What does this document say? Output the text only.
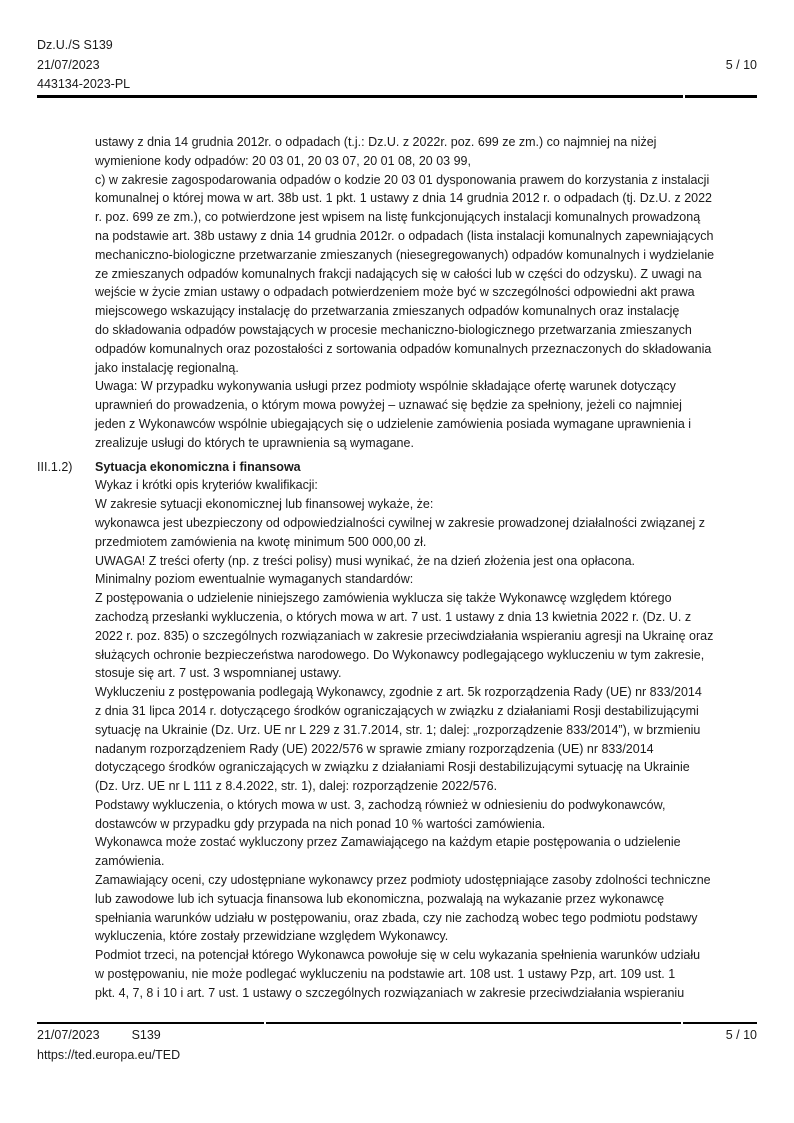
Dz.U./S S139
21/07/2023	5 / 10
443134-2023-PL
ustawy z dnia 14 grudnia 2012r. o odpadach (t.j.: Dz.U. z 2022r. poz. 699 ze zm.) co najmniej na niżej
wymienione kody odpadów: 20 03 01, 20 03 07, 20 01 08, 20 03 99,
c) w zakresie zagospodarowania odpadów o kodzie 20 03 01 dysponowania prawem do korzystania z instalacji
komunalnej o której mowa w art. 38b ust. 1 pkt. 1 ustawy z dnia 14 grudnia 2012 r. o odpadach (tj. Dz.U. z 2022
r. poz. 699 ze zm.), co potwierdzone jest wpisem na listę funkcjonujących instalacji komunalnych prowadzoną
na podstawie art. 38b ustawy z dnia 14 grudnia 2012r. o odpadach (lista instalacji komunalnych zapewniających
mechaniczno-biologiczne przetwarzanie zmieszanych (niesegregowanych) odpadów komunalnych i wydzielanie
ze zmieszanych odpadów komunalnych frakcji nadających się w całości lub w części do odzysku). Z uwagi na
wejście w życie zmian ustawy o odpadach potwierdzeniem może być w szczególności odpowiedni akt prawa
miejscowego wskazujący instalację do przetwarzania zmieszanych odpadów komunalnych oraz instalację
do składowania odpadów powstających w procesie mechaniczno-biologicznego przetwarzania zmieszanych
odpadów komunalnych oraz pozostałości z sortowania odpadów komunalnych przeznaczonych do składowania
jako instalację regionalną.
Uwaga: W przypadku wykonywania usługi przez podmioty wspólnie składające ofertę warunek dotyczący
uprawnień do prowadzenia, o którym mowa powyżej – uznawać się będzie za spełniony, jeżeli co najmniej
jeden z Wykonawców wspólnie ubiegających się o udzielenie zamówienia posiada wymagane uprawnienia i
zrealizuje usługi do których te uprawnienia są wymagane.
III.1.2)	Sytuacja ekonomiczna i finansowa
Wykaz i krótki opis kryteriów kwalifikacji:
W zakresie sytuacji ekonomicznej lub finansowej wykaże, że:
wykonawca jest ubezpieczony od odpowiedzialności cywilnej w zakresie prowadzonej działalności związanej z
przedmiotem zamówienia na kwotę minimum 500 000,00 zł.
UWAGA! Z treści oferty (np. z treści polisy) musi wynikać, że na dzień złożenia jest ona opłacona.
Minimalny poziom ewentualnie wymaganych standardów:
Z postępowania o udzielenie niniejszego zamówienia wyklucza się także Wykonawcę względem którego
zachodzą przesłanki wykluczenia, o których mowa w art. 7 ust. 1 ustawy z dnia 13 kwietnia 2022 r. (Dz. U. z
2022 r. poz. 835) o szczególnych rozwiązaniach w zakresie przeciwdziałania wspieraniu agresji na Ukrainę oraz
służących ochronie bezpieczeństwa narodowego. Do Wykonawcy podlegającego wykluczeniu w tym zakresie,
stosuje się art. 7 ust. 3 wspomnianej ustawy.
Wykluczeniu z postępowania podlegają Wykonawcy, zgodnie z art. 5k rozporządzenia Rady (UE) nr 833/2014
z dnia 31 lipca 2014 r. dotyczącego środków ograniczających w związku z działaniami Rosji destabilizującymi
sytuację na Ukrainie (Dz. Urz. UE nr L 229 z 31.7.2014, str. 1; dalej: „rozporządzenie 833/2014”), w brzmieniu
nadanym rozporządzeniem Rady (UE) 2022/576 w sprawie zmiany rozporządzenia (UE) nr 833/2014
dotyczącego środków ograniczających w związku z działaniami Rosji destabilizującymi sytuację na Ukrainie
(Dz. Urz. UE nr L 111 z 8.4.2022, str. 1), dalej: rozporządzenie 2022/576.
Podstawy wykluczenia, o których mowa w ust. 3, zachodzą również w odniesieniu do podwykonawców,
dostawców w przypadku gdy przypada na nich ponad 10 % wartości zamówienia.
Wykonawca może zostać wykluczony przez Zamawiającego na każdym etapie postępowania o udzielenie
zamówienia.
Zamawiający oceni, czy udostępniane wykonawcy przez podmioty udostępniające zasoby zdolności techniczne
lub zawodowe lub ich sytuacja finansowa lub ekonomiczna, pozwalają na wykazanie przez wykonawcę
spełniania warunków udziału w postępowaniu, oraz zbada, czy nie zachodzą wobec tego podmiotu podstawy
wykluczenia, które zostały przewidziane względem Wykonawcy.
Podmiot trzeci, na potencjał którego Wykonawca powołuje się w celu wykazania spełnienia warunków udziału
w postępowaniu, nie może podlegać wykluczeniu na podstawie art. 108 ust. 1 ustawy Pzp, art. 109 ust. 1
pkt. 4, 7, 8 i 10 i art. 7 ust. 1 ustawy o szczególnych rozwiązaniach w zakresie przeciwdziałania wspieraniu
21/07/2023	S139	5 / 10
https://ted.europa.eu/TED
